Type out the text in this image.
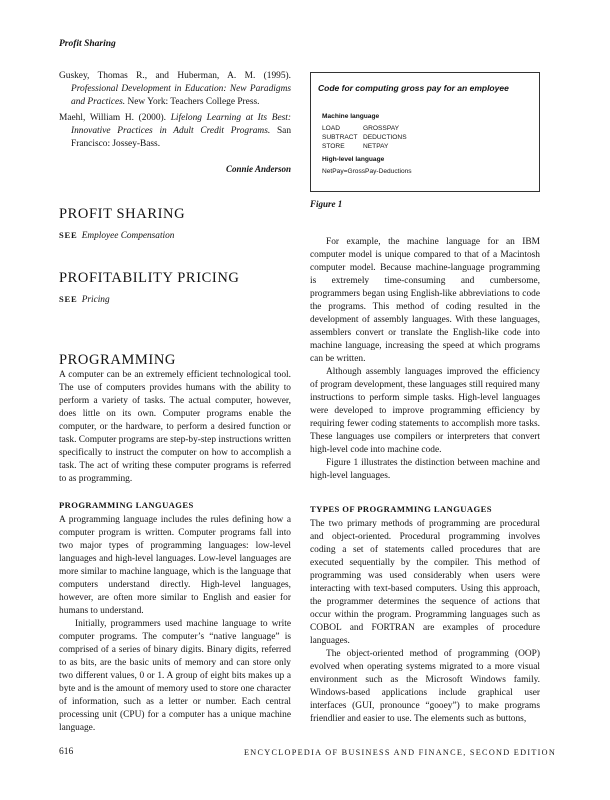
Profit Sharing

Guskey, Thomas R., and Huberman, A. M. (1995). Professional Development in Education: New Paradigms and Practices. New York: Teachers College Press.

Maehl, William H. (2000). Lifelong Learning at Its Best: Innovative Practices in Adult Credit Programs. San Francisco: Jossey-Bass.

Connie Anderson

PROFIT SHARING

SEE Employee Compensation

PROFITABILITY PRICING

SEE Pricing

PROGRAMMING

A computer can be an extremely efficient technological tool. The use of computers provides humans with the ability to perform a variety of tasks. The actual computer, however, does little on its own. Computer programs enable the computer, or the hardware, to perform a desired function or task. Computer programs are step-by-step instructions written specifically to instruct the computer on how to accomplish a task. The act of writing these computer programs is referred to as programming.

PROGRAMMING LANGUAGES

A programming language includes the rules defining how a computer program is written. Computer programs fall into two major types of programming languages: low-level languages and high-level languages. Low-level languages are more similar to machine language, which is the language that computers understand directly. High-level languages, however, are often more similar to English and easier for humans to understand.

Initially, programmers used machine language to write computer programs. The computer’s “native language” is comprised of a series of binary digits. Binary digits, referred to as bits, are the basic units of memory and can store only two different values, 0 or 1. A group of eight bits makes up a byte and is the amount of memory used to store one character of information, such as a letter or number. Each central processing unit (CPU) for a computer has a unique machine language.

Code for computing gross pay for an employee
Machine language
LOAD	GROSSPAY
SUBTRACT DEDUCTIONS
STORE	NETPAY
High-level language
NetPay=GrossPay-Deductions
Figure 1

For example, the machine language for an IBM computer model is unique compared to that of a Macintosh computer model. Because machine-language programming is extremely time-consuming and cumbersome, programmers began using English-like abbreviations to code the programs. This method of coding resulted in the development of assembly languages. With these languages, assemblers convert or translate the English-like code into machine language, increasing the speed at which programs can be written.

Although assembly languages improved the efficiency of program development, these languages still required many instructions to perform simple tasks. High-level languages were developed to improve programming efficiency by requiring fewer coding statements to accomplish more tasks. These languages use compilers or interpreters that convert high-level code into machine code.

Figure 1 illustrates the distinction between machine and high-level languages.

TYPES OF PROGRAMMING LANGUAGES

The two primary methods of programming are procedural and object-oriented. Procedural programming involves coding a set of statements called procedures that are executed sequentially by the compiler. This method of programming was used considerably when users were interacting with text-based computers. Using this approach, the programmer determines the sequence of actions that occur within the program. Programming languages such as COBOL and FORTRAN are examples of procedure languages.

The object-oriented method of programming (OOP) evolved when operating systems migrated to a more visual environment such as the Microsoft Windows family. Windows-based applications include graphical user interfaces (GUI, pronounce “gooey”) to make programs friendlier and easier to use. The elements such as buttons,

616	ENCYCLOPEDIA OF BUSINESS AND FINANCE, SECOND EDITION
